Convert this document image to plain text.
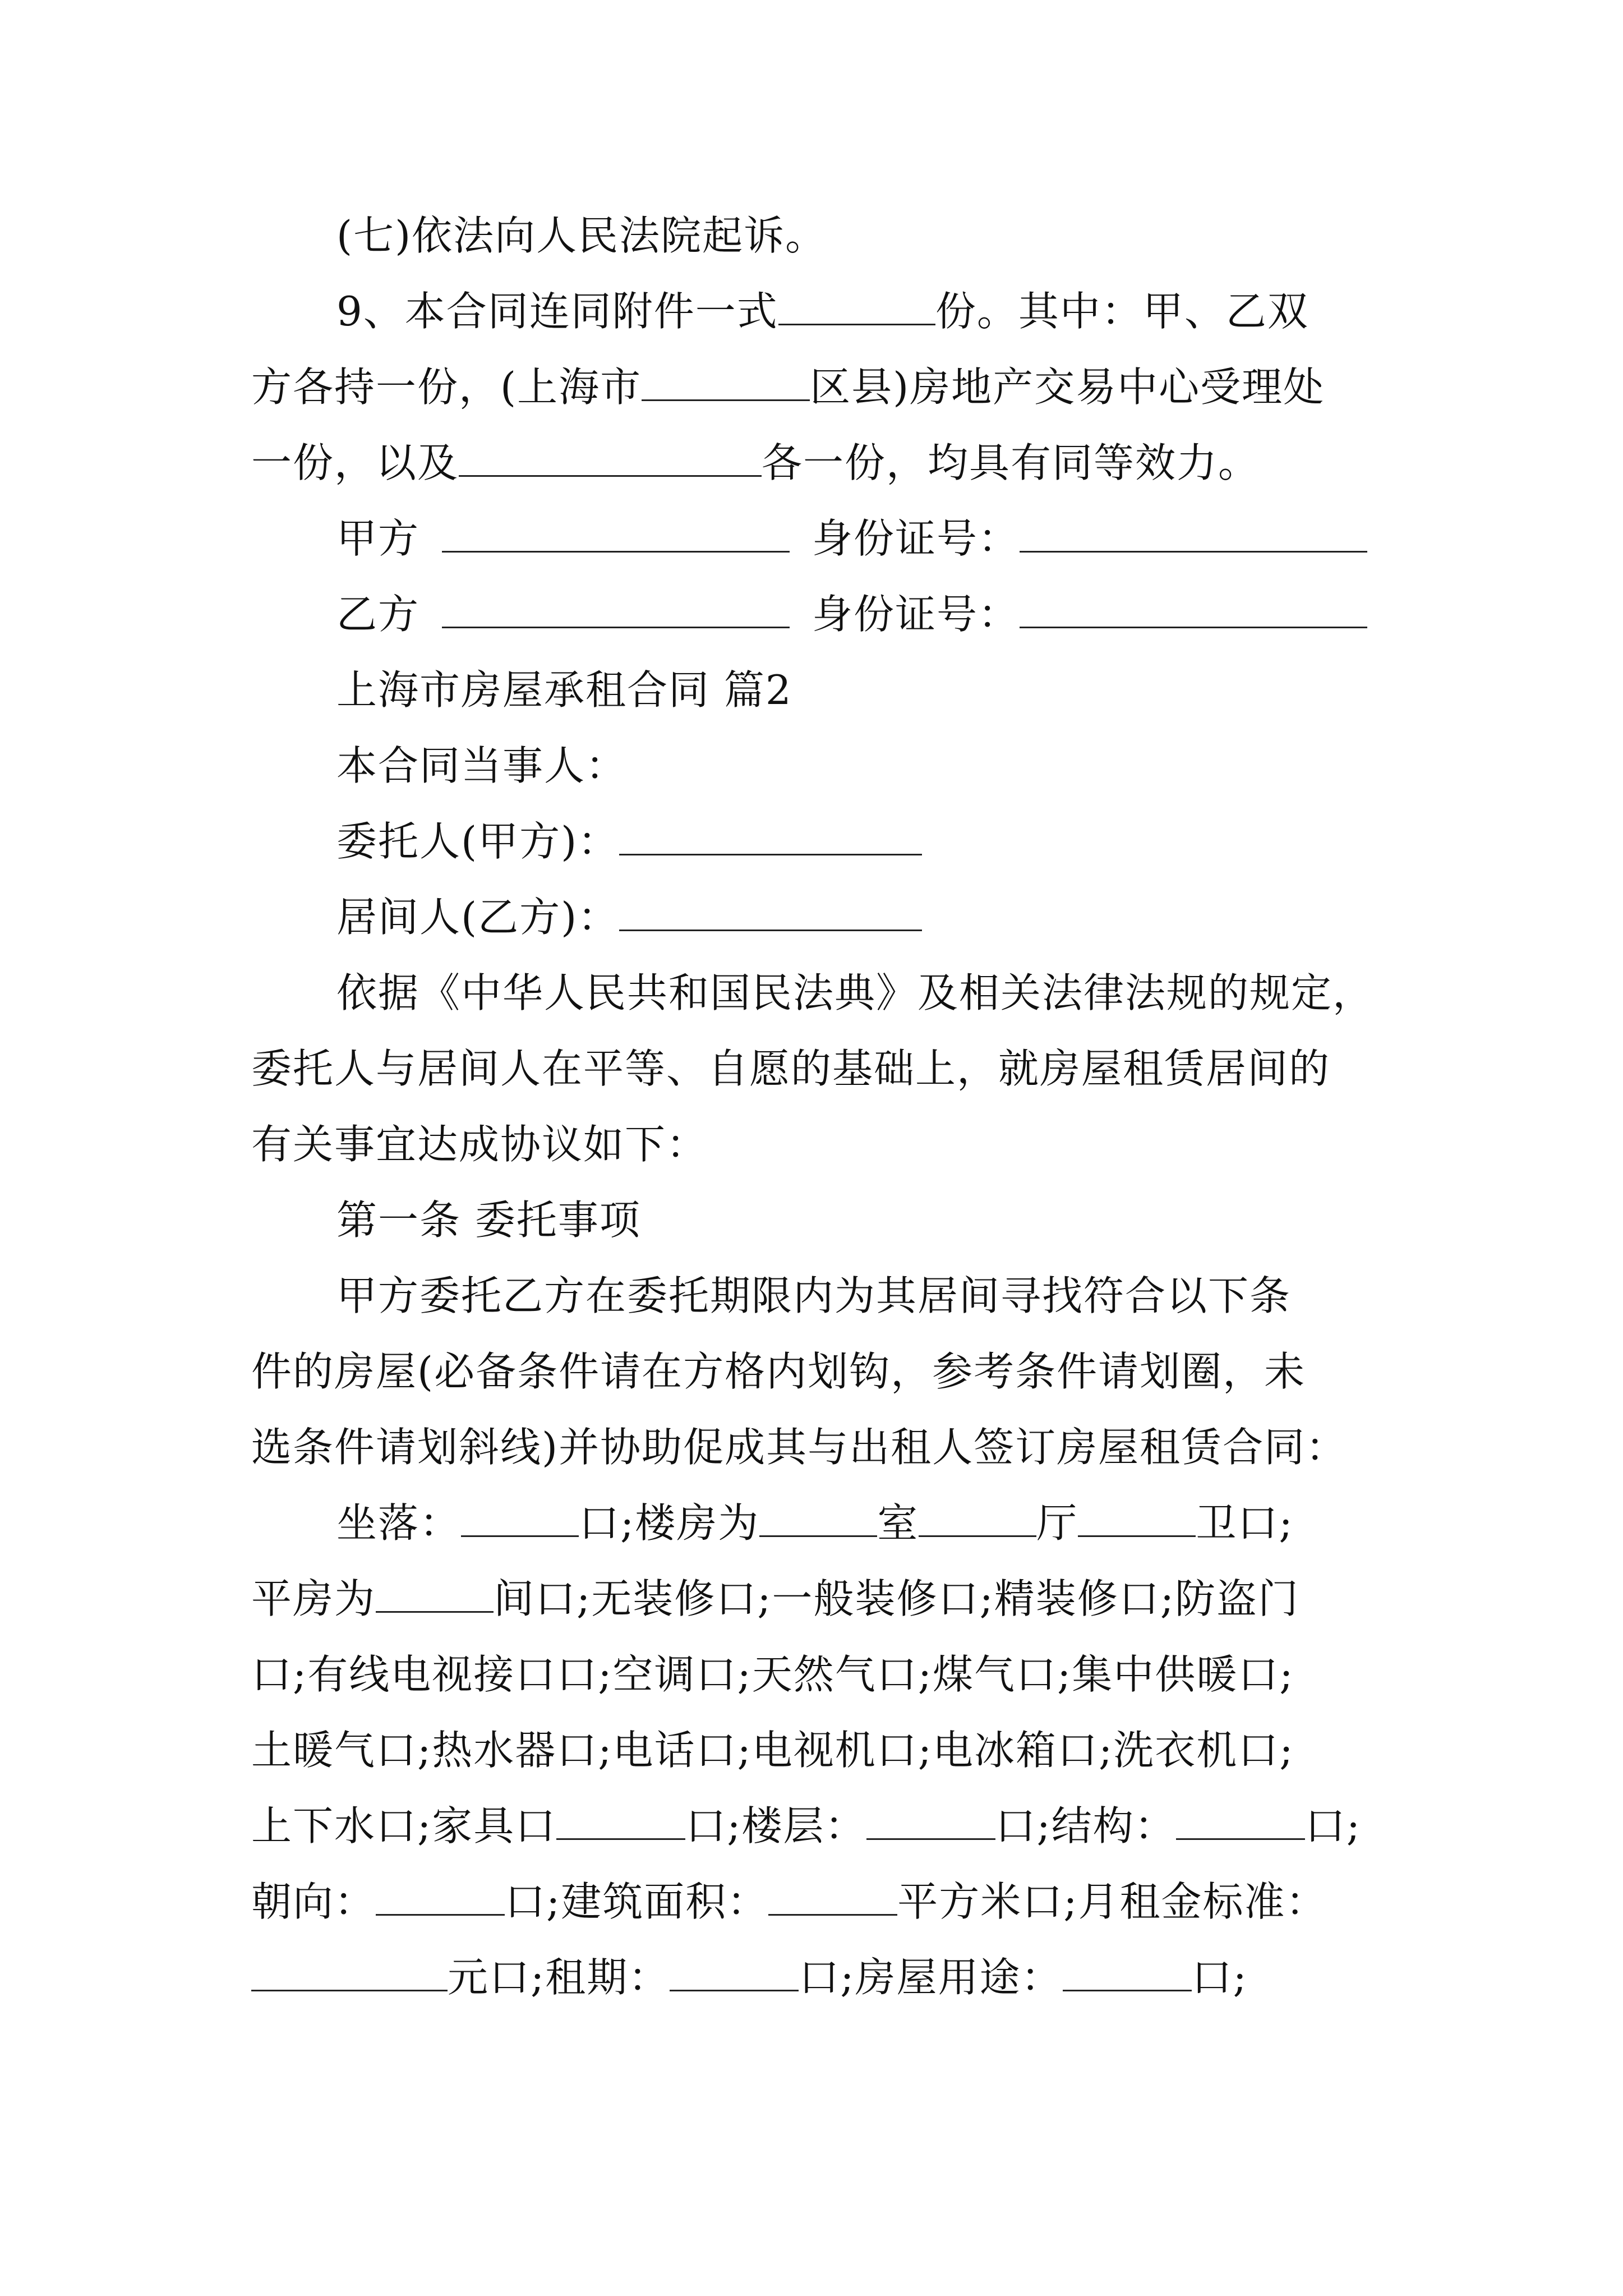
(七)依法向人民法院起诉。
9、本合同连同附件一式	份。其中：甲、乙双
方各持一份，(上海市	区县)房地产交易中心受理处
一份，以及	各一份，均具有同等效力。
甲方	身份证号：
乙方	身份证号：
上海市房屋承租合同 篇2
本合同当事人：
委托人(甲方)：
居间人(乙方)：
依据《中华人民共和国民法典》及相关法律法规的规定，
委托人与居间人在平等、自愿的基础上，就房屋租赁居间的
有关事宜达成协议如下：
第一条 委托事项
甲方委托乙方在委托期限内为其居间寻找符合以下条
件的房屋(必备条件请在方格内划钩，参考条件请划圈，未
选条件请划斜线)并协助促成其与出租人签订房屋租赁合同：
坐落：	口;楼房为	室	厅	卫口;
平房为	间口;无装修口;一般装修口;精装修口;防盗门
口;有线电视接口口;空调口;天然气口;煤气口;集中供暖口;
土暖气口;热水器口;电话口;电视机口;电冰箱口;洗衣机口;
上下水口;家具口	口;楼层：	口;结构：	口;
朝向：	口;建筑面积：	平方米口;月租金标准：
元口;租期：	口;房屋用途：	口;
